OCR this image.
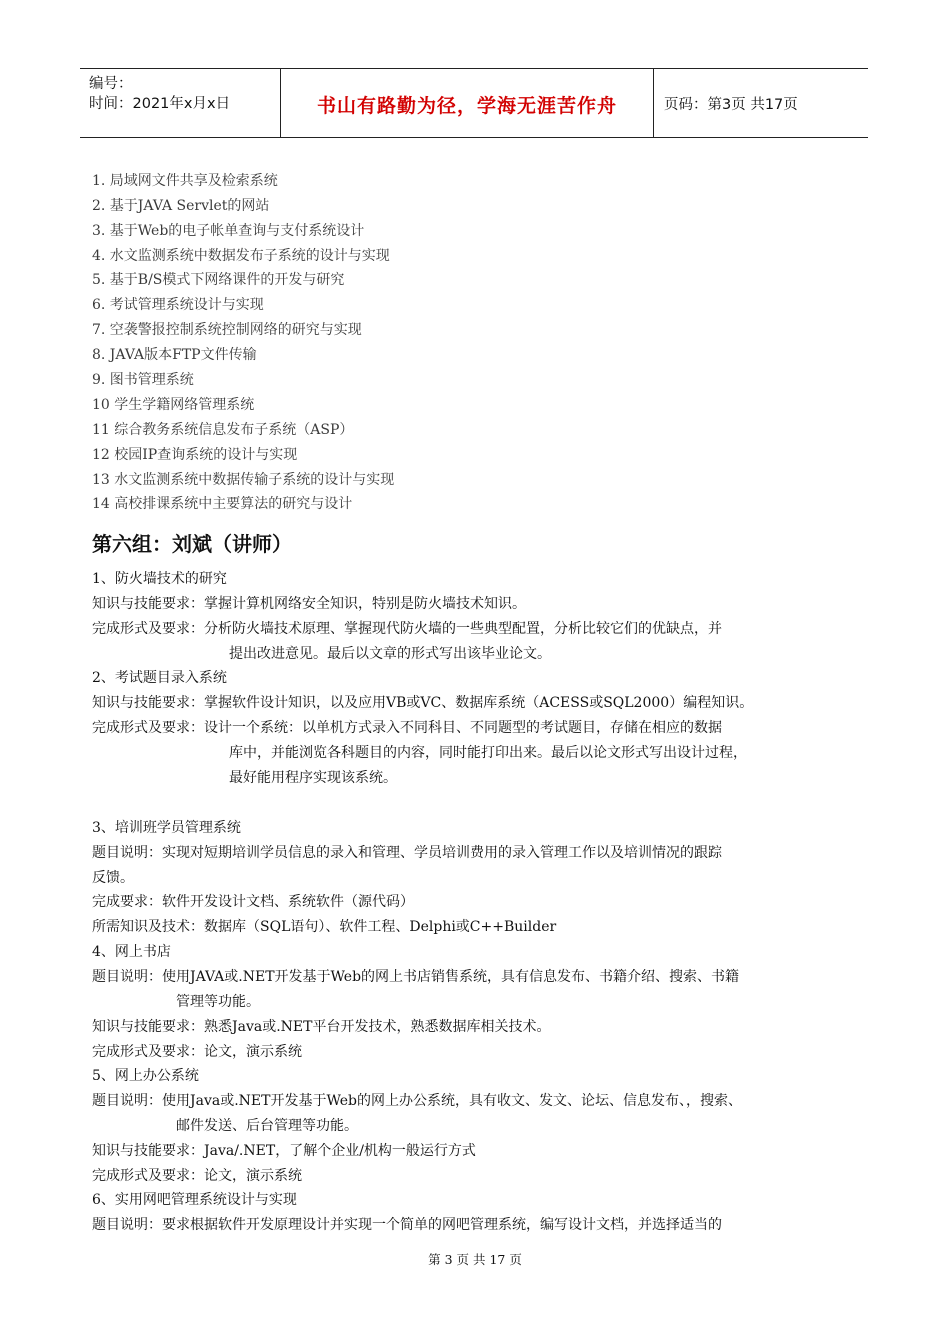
编号：
时间：2021年x月x日	书山有路勤为径，学海无涯苦作舟	页码：第3页 共17页
1. 局域网文件共享及检索系统
2. 基于JAVA Servlet的网站
3. 基于Web的电子帐单查询与支付系统设计
4. 水文监测系统中数据发布子系统的设计与实现
5. 基于B/S模式下网络课件的开发与研究
6. 考试管理系统设计与实现
7. 空袭警报控制系统控制网络的研究与实现
8. JAVA版本FTP文件传输
9. 图书管理系统
10 学生学籍网络管理系统
11 综合教务系统信息发布子系统（ASP）
12 校园IP查询系统的设计与实现
13 水文监测系统中数据传输子系统的设计与实现
14 高校排课系统中主要算法的研究与设计
第六组：刘斌（讲师）
1、防火墙技术的研究
知识与技能要求：掌握计算机网络安全知识，特别是防火墙技术知识。
完成形式及要求：分析防火墙技术原理、掌握现代防火墙的一些典型配置，分析比较它们的优缺点，并
提出改进意见。最后以文章的形式写出该毕业论文。
2、考试题目录入系统
知识与技能要求：掌握软件设计知识，以及应用VB或VC、数据库系统（ACESS或SQL2000）编程知识。
完成形式及要求：设计一个系统：以单机方式录入不同科目、不同题型的考试题目，存储在相应的数据
库中，并能浏览各科题目的内容，同时能打印出来。最后以论文形式写出设计过程，
最好能用程序实现该系统。
3、培训班学员管理系统
题目说明：实现对短期培训学员信息的录入和管理、学员培训费用的录入管理工作以及培训情况的跟踪
反馈。
完成要求：软件开发设计文档、系统软件（源代码）
所需知识及技术：数据库（SQL语句）、软件工程、Delphi或C++Builder
4、网上书店
题目说明：使用JAVA或.NET开发基于Web的网上书店销售系统，具有信息发布、书籍介绍、搜索、书籍
管理等功能。
知识与技能要求：熟悉Java或.NET平台开发技术，熟悉数据库相关技术。
完成形式及要求：论文，演示系统
5、网上办公系统
题目说明：使用Java或.NET开发基于Web的网上办公系统，具有收文、发文、论坛、信息发布、，搜索、
邮件发送、后台管理等功能。
知识与技能要求：Java/.NET，了解个企业/机构一般运行方式
完成形式及要求：论文，演示系统
6、实用网吧管理系统设计与实现
题目说明：要求根据软件开发原理设计并实现一个简单的网吧管理系统，编写设计文档，并选择适当的
第 3 页 共 17 页
